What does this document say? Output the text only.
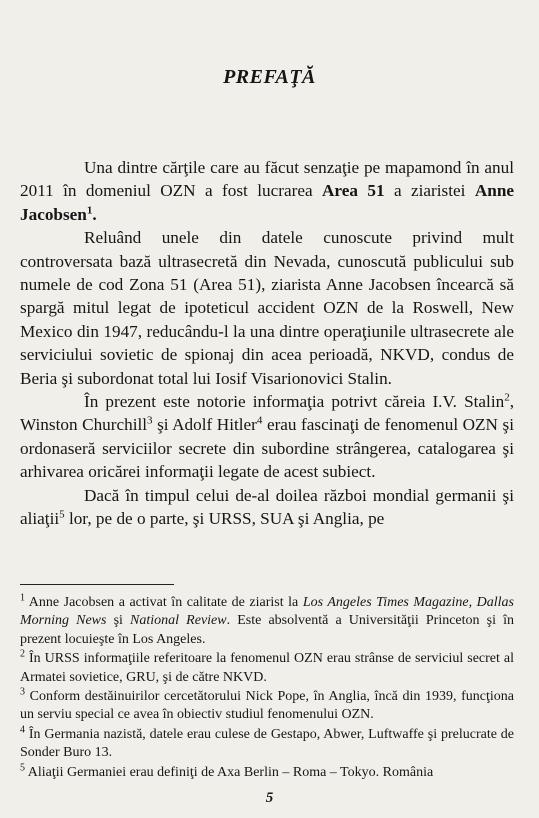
PREFAŢĂ

Una dintre cărţile care au făcut senzaţie pe mapamond în anul 2011 în domeniul OZN a fost lucrarea Area 51 a ziaristei Anne Jacobsen$^1$.

Reluând unele din datele cunoscute privind mult controversata bază ultrasecretă din Nevada, cunoscută publicului sub numele de cod Zona 51 (Area 51), ziarista Anne Jacobsen încearcă să spargă mitul legat de ipoteticul accident OZN de la Roswell, New Mexico din 1947, reducându-l la una dintre operaţiunile ultrasecrete ale serviciului sovietic de spionaj din acea perioadă, NKVD, condus de Beria şi subordonat total lui Iosif Visarionovici Stalin.

În prezent este notorie informaţia potrivt căreia I.V. Stalin$^2$, Winston Churchill$^3$ şi Adolf Hitler$^4$ erau fascinaţi de fenomenul OZN şi ordonaseră serviciilor secrete din subordine strângerea, catalogarea şi arhivarea oricărei informaţii legate de acest subiect.

Dacă în timpul celui de-al doilea război mondial germanii şi aliaţii$^5$ lor, pe de o parte, şi URSS, SUA şi Anglia, pe

$^1$ Anne Jacobsen a activat în calitate de ziarist la Los Angeles Times Magazine, Dallas Morning News şi National Review. Este absolventă a Universităţii Princeton şi în prezent locuieşte în Los Angeles.
$^2$ În URSS informaţiile referitoare la fenomenul OZN erau strânse de serviciul secret al Armatei sovietice, GRU, şi de către NKVD.
$^3$ Conform destăinuirilor cercetătorului Nick Pope, în Anglia, încă din 1939, funcţiona un serviu special ce avea în obiectiv studiul fenomenului OZN.
$^4$ În Germania nazistă, datele erau culese de Gestapo, Abwer, Luftwaffe şi prelucrate de Sonder Buro 13.
$^5$ Aliaţii Germaniei erau definiţi de Axa Berlin – Roma – Tokyo. România
5
